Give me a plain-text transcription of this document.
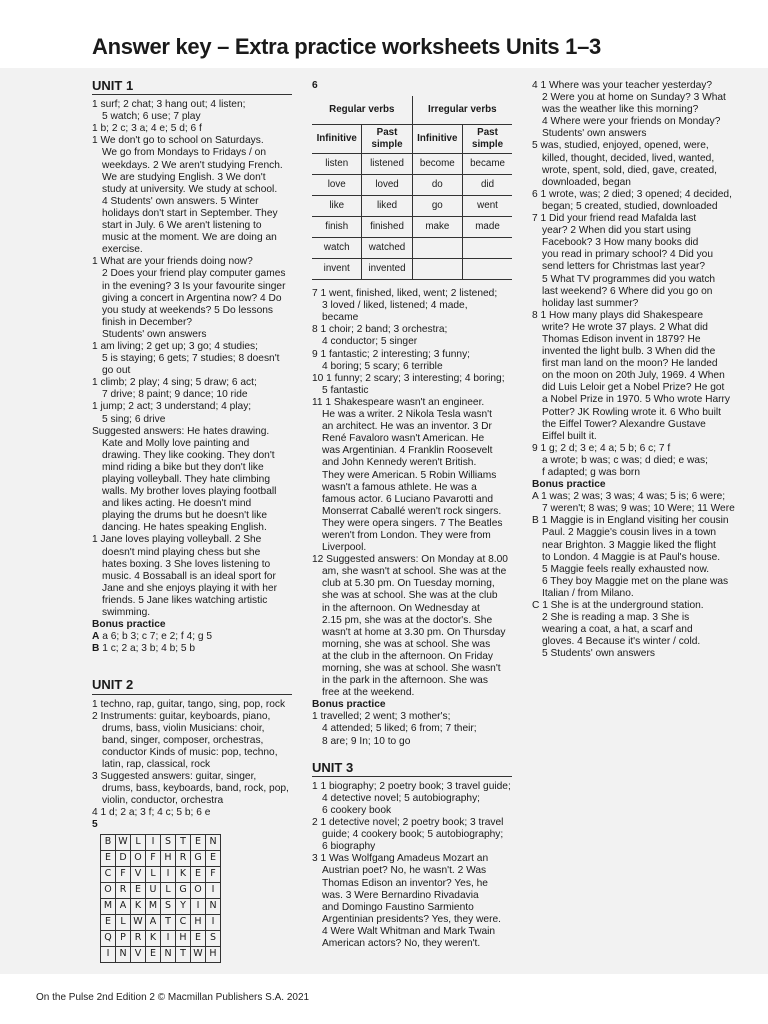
Answer key – Extra practice worksheets Units 1–3
UNIT 1

1 surf; 2 chat; 3 hang out; 4 listen;

5 watch; 6 use; 7 play

1 b; 2 c; 3 a; 4 e; 5 d; 6 f

1 We don't go to school on Saturdays.

We go from Mondays to Fridays / on

weekdays. 2 We aren't studying French.

We are studying English. 3 We don't

study at university. We study at school.

4 Students' own answers. 5 Winter

holidays don't start in September. They

start in July. 6 We aren't listening to

music at the moment. We are doing an

exercise.

1 What are your friends doing now?

2 Does your friend play computer games

in the evening? 3 Is your favourite singer

giving a concert in Argentina now? 4 Do

you study at weekends? 5 Do lessons

finish in December?

Students' own answers

1 am living; 2 get up; 3 go; 4 studies;

5 is staying; 6 gets; 7 studies; 8 doesn't

go out

1 climb; 2 play; 4 sing; 5 draw; 6 act;

7 drive; 8 paint; 9 dance; 10 ride

1 jump; 2 act; 3 understand; 4 play;

5 sing; 6 drive

Suggested answers: He hates drawing.

Kate and Molly love painting and

drawing. They like cooking. They don't

mind riding a bike but they don't like

playing volleyball. They hate climbing

walls. My brother loves playing football

and likes acting. He doesn't mind

playing the drums but he doesn't like

dancing. He hates speaking English.

1 Jane loves playing volleyball. 2 She

doesn't mind playing chess but she

hates boxing. 3 She loves listening to

music. 4 Bossaball is an ideal sport for

Jane and she enjoys playing it with her

friends. 5 Jane likes watching artistic

swimming.

Bonus practice

A a 6; b 3; c 7; e 2; f 4; g 5

B 1 c; 2 a; 3 b; 4 b; 5 b

UNIT 2

1 techno, rap, guitar, tango, sing, pop, rock

2 Instruments: guitar, keyboards, piano,

drums, bass, violin Musicians: choir,

band, singer, composer, orchestras,

conductor Kinds of music: pop, techno,

latin, rap, classical, rock

3 Suggested answers: guitar, singer,

drums, bass, keyboards, band, rock, pop,

violin, conductor, orchestra

4 1 d; 2 a; 3 f; 4 c; 5 b; 6 e

5

B	W	L	I	S	T	E	N
E	D	O	F	H	R	G	E
C	F	V	L	I	K	E	F
O	R	E	U	L	G	O	I
M	A	K	M	S	Y	I	N
E	L	W	A	T	C	H	I
Q	P	R	K	I	H	E	S
I	N	V	E	N	T	W	H

6

Regular verbs		Irregular verbs	
Infinitive	Past simple	Infinitive	Past simple
listen	listened	become	became
love	loved	do	did
like	liked	go	went
finish	finished	make	made
watch	watched		
invent	invented		

7 1 went, finished, liked, went; 2 listened;

3 loved / liked, listened; 4 made,

became

8 1 choir; 2 band; 3 orchestra;

4 conductor; 5 singer

9 1 fantastic; 2 interesting; 3 funny;

4 boring; 5 scary; 6 terrible

10 1 funny; 2 scary; 3 interesting; 4 boring;

5 fantastic

11 1 Shakespeare wasn't an engineer.

He was a writer. 2 Nikola Tesla wasn't

an architect. He was an inventor. 3 Dr

René Favaloro wasn't American. He

was Argentinian. 4 Franklin Roosevelt

and John Kennedy weren't British.

They were American. 5 Robin Williams

wasn't a famous athlete. He was a

famous actor. 6 Luciano Pavarotti and

Monserrat Caballé weren't rock singers.

They were opera singers. 7 The Beatles

weren't from London. They were from

Liverpool.

12 Suggested answers: On Monday at 8.00

am, she wasn't at school. She was at the

club at 5.30 pm. On Tuesday morning,

she was at school. She was at the club

in the afternoon. On Wednesday at

2.15 pm, she was at the doctor's. She

wasn't at home at 3.30 pm. On Thursday

morning, she was at school. She was

at the club in the afternoon. On Friday

morning, she was at school. She wasn't

in the park in the afternoon. She was

free at the weekend.

Bonus practice

1 travelled; 2 went; 3 mother's;

4 attended; 5 liked; 6 from; 7 their;

8 are; 9 In; 10 to go

UNIT 3

1 1 biography; 2 poetry book; 3 travel guide;

4 detective novel; 5 autobiography;

6 cookery book

2 1 detective novel; 2 poetry book; 3 travel

guide; 4 cookery book; 5 autobiography;

6 biography

3 1 Was Wolfgang Amadeus Mozart an

Austrian poet? No, he wasn't. 2 Was

Thomas Edison an inventor? Yes, he

was. 3 Were Bernardino Rivadavia

and Domingo Faustino Sarmiento

Argentinian presidents? Yes, they were.

4 Were Walt Whitman and Mark Twain

American actors? No, they weren't.

4 1 Where was your teacher yesterday?

2 Were you at home on Sunday? 3 What

was the weather like this morning?

4 Where were your friends on Monday?

Students' own answers

5 was, studied, enjoyed, opened, were,

killed, thought, decided, lived, wanted,

wrote, spent, sold, died, gave, created,

downloaded, began

6 1 wrote, was; 2 died; 3 opened; 4 decided,

began; 5 created, studied, downloaded

7 1 Did your friend read Mafalda last

year? 2 When did you start using

Facebook? 3 How many books did

you read in primary school? 4 Did you

send letters for Christmas last year?

5 What TV programmes did you watch

last weekend? 6 Where did you go on

holiday last summer?

8 1 How many plays did Shakespeare

write? He wrote 37 plays. 2 What did

Thomas Edison invent in 1879? He

invented the light bulb. 3 When did the

first man land on the moon? He landed

on the moon on 20th July, 1969. 4 When

did Luis Leloir get a Nobel Prize? He got

a Nobel Prize in 1970. 5 Who wrote Harry

Potter? JK Rowling wrote it. 6 Who built

the Eiffel Tower? Alexandre Gustave

Eiffel built it.

9 1 g; 2 d; 3 e; 4 a; 5 b; 6 c; 7 f

a wrote; b was; c was; d died; e was;

f adapted; g was born

Bonus practice

A 1 was; 2 was; 3 was; 4 was; 5 is; 6 were;

7 weren't; 8 was; 9 was; 10 Were; 11 Were

B 1 Maggie is in England visiting her cousin

Paul. 2 Maggie's cousin lives in a town

near Brighton. 3 Maggie liked the flight

to London. 4 Maggie is at Paul's house.

5 Maggie feels really exhausted now.

6 They boy Maggie met on the plane was

Italian / from Milano.

C 1 She is at the underground station.

2 She is reading a map. 3 She is

wearing a coat, a hat, a scarf and

gloves. 4 Because it's winter / cold.

5 Students' own answers

On the Pulse 2nd Edition 2 © Macmillan Publishers S.A. 2021
